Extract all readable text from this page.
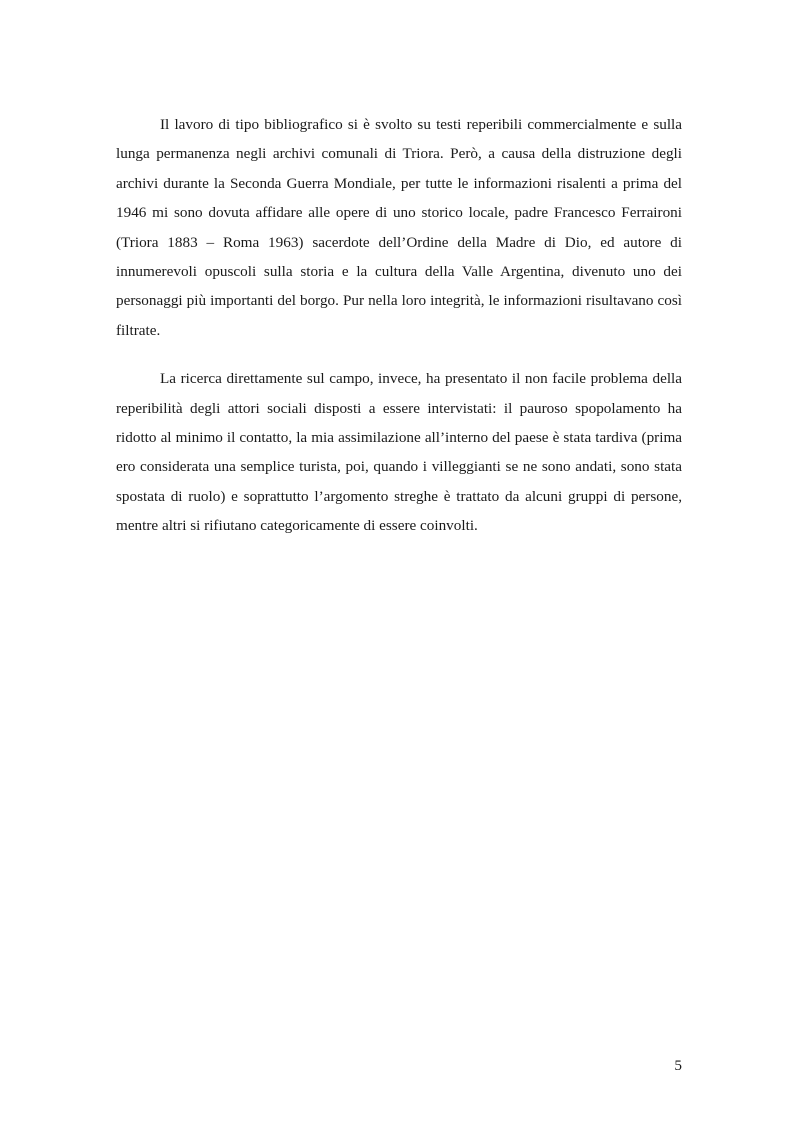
Il lavoro di tipo bibliografico si è svolto su testi reperibili commercialmente e sulla lunga permanenza negli archivi comunali di Triora. Però, a causa della distruzione degli archivi durante la Seconda Guerra Mondiale, per tutte le informazioni risalenti a prima del 1946 mi sono dovuta affidare alle opere di uno storico locale, padre Francesco Ferraironi (Triora 1883 – Roma 1963) sacerdote dell’Ordine della Madre di Dio, ed autore di innumerevoli opuscoli sulla storia e la cultura della Valle Argentina, divenuto uno dei personaggi più importanti del borgo. Pur nella loro integrità, le informazioni risultavano così filtrate.

La ricerca direttamente sul campo, invece, ha presentato il non facile problema della reperibilità degli attori sociali disposti a essere intervistati: il pauroso spopolamento ha ridotto al minimo il contatto, la mia assimilazione all’interno del paese è stata tardiva (prima ero considerata una semplice turista, poi, quando i villeggianti se ne sono andati, sono stata spostata di ruolo) e soprattutto l’argomento streghe è trattato da alcuni gruppi di persone, mentre altri si rifiutano categoricamente di essere coinvolti.

5
